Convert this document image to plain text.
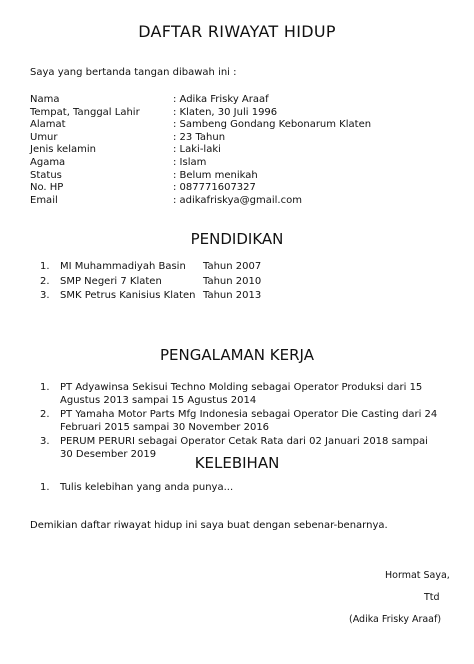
DAFTAR RIWAYAT HIDUP
Saya yang bertanda tangan dibawah ini :
Nama	: Adika Frisky Araaf
Tempat, Tanggal Lahir	: Klaten, 30 Juli 1996
Alamat	: Sambeng Gondang Kebonarum Klaten
Umur	: 23 Tahun
Jenis kelamin	: Laki-laki
Agama	: Islam
Status	: Belum menikah
No. HP	: 087771607327
Email	: adikafriskya@gmail.com
PENDIDIKAN
1. MI Muhammadiyah Basin Tahun 2007
2. SMP Negeri 7 Klaten	Tahun 2010
3. SMK Petrus Kanisius Klaten Tahun 2013
PENGALAMAN KERJA
1.	PT Adyawinsa Sekisui Techno Molding sebagai Operator Produksi dari 15 Agustus 2013 sampai 15 Agustus 2014
2.	PT Yamaha Motor Parts Mfg Indonesia sebagai Operator Die Casting dari 24 Februari 2015 sampai 30 November 2016
3.	PERUM PERURI sebagai Operator Cetak Rata dari 02 Januari 2018 sampai 30 Desember 2019	KELEBIHAN
1. Tulis kelebihan yang anda punya...
Demikian daftar riwayat hidup ini saya buat dengan sebenar-benarnya.
Hormat Saya,
Ttd
(Adika Frisky Araaf)
